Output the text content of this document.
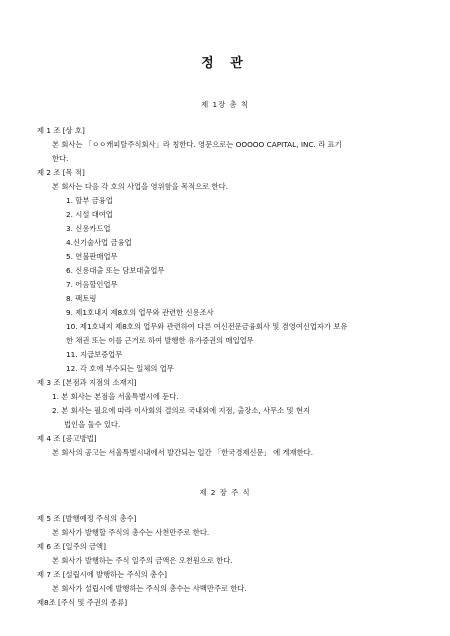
정 관
제 1장 총 칙
제 1 조 [상 호]
본 회사는 「ㅇㅇ캐피탈주식회사」라 칭한다. 영문으로는 OOOOO CAPITAL, INC. 라 표기
한다.
제 2 조 [목 적]
본 회사는 다음 각 호의 사업을 영위함을 목적으로 한다.
1. 할부 금융업
2. 시설 대여업
3. 신용카드업
4.신기술사업 금융업
5. 연불판매업무
6. 신용대출 또는 담보대출업무
7. 어음할인업무
8. 팩토링
9. 제1호내지 제8호의 업무와 관련한 신용조사
10. 제1호내지 제8호의 업무와 관련하여 다른 여신전문금융회사 및 겸영여신업자가 보유
한 채권 또는 이를 근거로 하여 발행한 유가증권의 매입업무
11. 지급보증업무
12. 각 호에 부수되는 일체의 업무
제 3 조 [본점과 지점의 소재지]
1. 본 회사는 본점을 서울특별시에 둔다.
2. 본 회사는 필요에 따라 이사회의 결의로 국내외에 지점, 출장소, 사무소 및 현지
법인을 둘수 있다.
제 4 조 [공고방법]
본 회사의 공고는 서울특별시내에서 발간되는 일간 「한국경제신문」 에 게재한다.
제 2 장 주 식
제 5 조 [발행예정 주식의 총수]
본 회사가 발행할 주식의 총수는 사천만주로 한다.
제 6 조 [일주의 금액]
본 회사가 발행하는 주식 일주의 금액은 오천원으로 한다.
제 7 조 [설립시에 발행하는 주식의 총수]
본 회사가 설립시에 발행하는 주식의 총수는 사백만주로 한다.
제8조 [주식 및 주권의 종류]
